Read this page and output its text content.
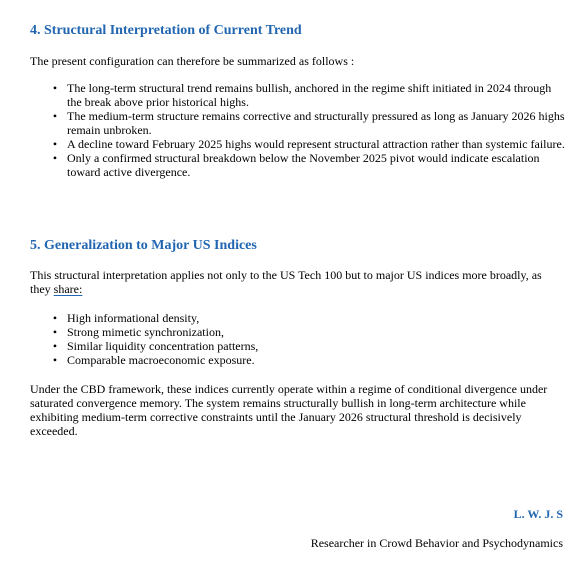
4. Structural Interpretation of Current Trend

The present configuration can therefore be summarized as follows :

• The long-term structural trend remains bullish, anchored in the regime shift initiated in 2024 through the break above prior historical highs.
• The medium-term structure remains corrective and structurally pressured as long as January 2026 highs remain unbroken.
• A decline toward February 2025 highs would represent structural attraction rather than systemic failure.
• Only a confirmed structural breakdown below the November 2025 pivot would indicate escalation toward active divergence.
5. Generalization to Major US Indices

This structural interpretation applies not only to the US Tech 100 but to major US indices more broadly, as they share:

• High informational density,
• Strong mimetic synchronization,
• Similar liquidity concentration patterns,
• Comparable macroeconomic exposure.

Under the CBD framework, these indices currently operate within a regime of conditional divergence under saturated convergence memory. The system remains structurally bullish in long-term architecture while exhibiting medium-term corrective constraints until the January 2026 structural threshold is decisively exceeded.

L. W. J. S
Researcher in Crowd Behavior and Psychodynamics
